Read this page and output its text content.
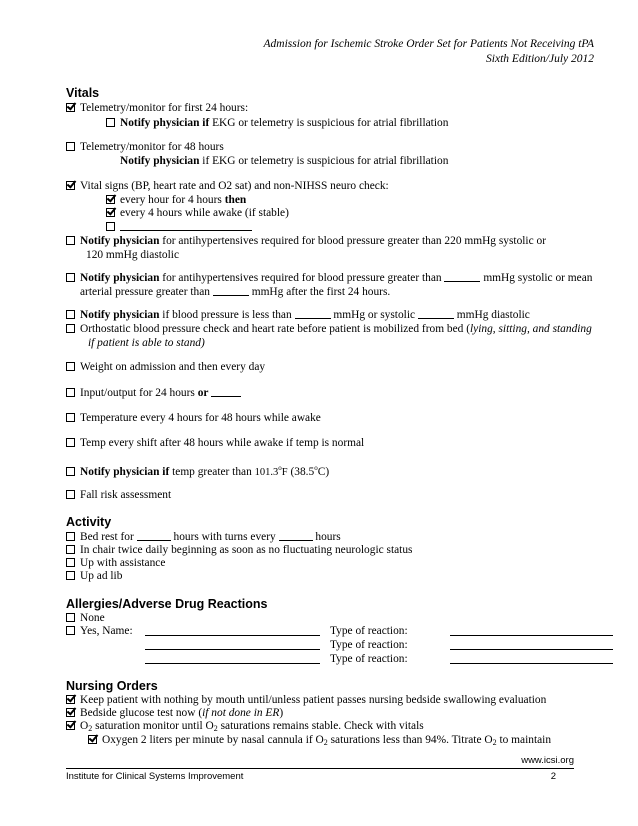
Admission for Ischemic Stroke Order Set for Patients Not Receiving tPA
Sixth Edition/July 2012
Vitals
Telemetry/monitor for first 24 hours:
Notify physician if EKG or telemetry is suspicious for atrial fibrillation
Telemetry/monitor for 48 hours
Notify physician if EKG or telemetry is suspicious for atrial fibrillation
Vital signs (BP, heart rate and O2 sat) and non-NIHSS neuro check:
every hour for 4 hours then
every 4 hours while awake (if stable)
Notify physician for antihypertensives required for blood pressure greater than 220 mmHg systolic or
120 mmHg diastolic
Notify physician for antihypertensives required for blood pressure greater than	mmHg systolic or mean
arterial pressure greater than	mmHg after the first 24 hours.
Notify physician if blood pressure is less than	mmHg or systolic	mmHg diastolic
Orthostatic blood pressure check and heart rate before patient is mobilized from bed (lying, sitting, and standing
if patient is able to stand)
Weight on admission and then every day
Input/output for 24 hours or
Temperature every 4 hours for 48 hours while awake
Temp every shift after 48 hours while awake if temp is normal
Notify physician if temp greater than 101.3$^o$F (38.5$^o$C)
Fall risk assessment
Activity
Bed rest for	hours with turns every	hours
In chair twice daily beginning as soon as no fluctuating neurologic status
Up with assistance
Up ad lib
Allergies/Adverse Drug Reactions
None
Yes, Name:	Type of reaction:
Type of reaction:
Type of reaction:
Nursing Orders
Keep patient with nothing by mouth until/unless patient passes nursing bedside swallowing evaluation
Bedside glucose test now (if not done in ER)
$O_2$ saturation monitor until $O_2$ saturations remains stable. Check with vitals
Oxygen 2 liters per minute by nasal cannula if $O_2$ saturations less than 94%. Titrate $O_2$ to maintain
www.icsi.org
Institute for Clinical Systems Improvement	2
